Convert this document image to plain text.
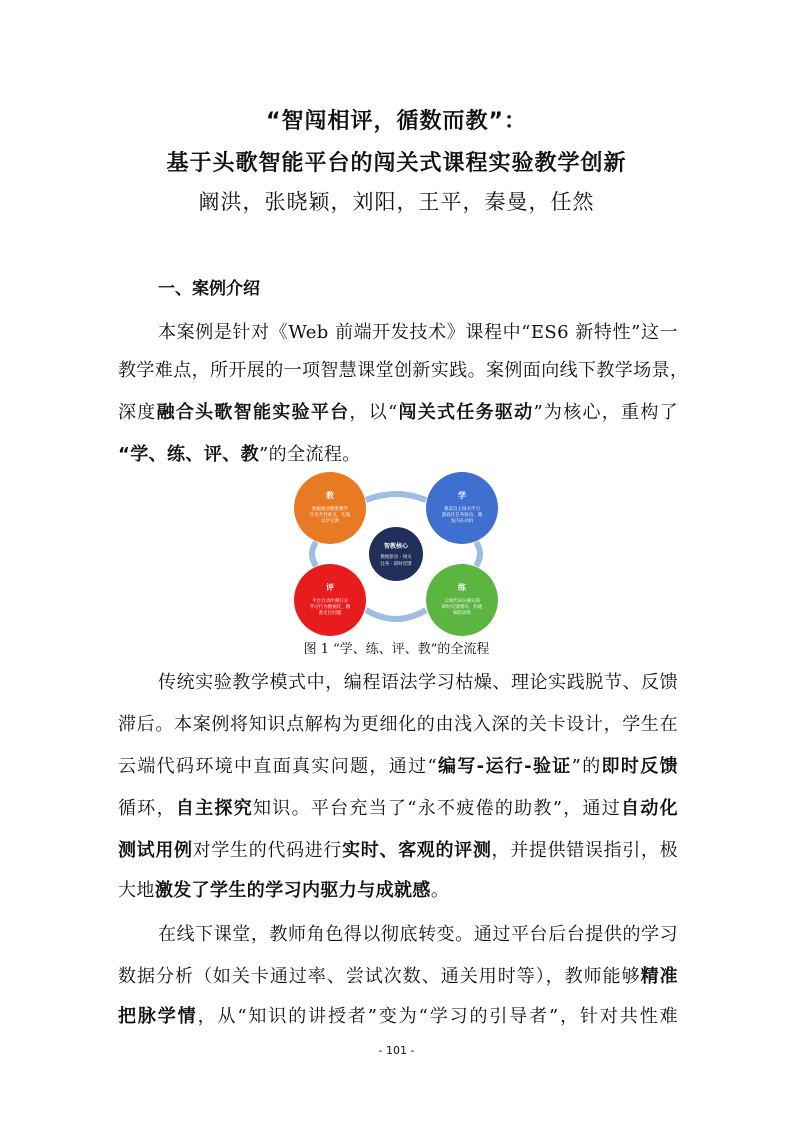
“智闯相评，循数而教”：
基于头歌智能平台的闯关式课程实验教学创新
阚洪，张晓颖，刘阳，王平，秦曼，任然
一、案例介绍
本案例是针对《Web 前端开发技术》课程中“ES6 新特性”这一
教学难点，所开展的一项智慧课堂创新实践。案例面向线下教学场景，
深度融合头歌智能实验平台，以“闯关式任务驱动”为核心，重构了
“学、练、评、教”的全流程。
教
数据驱动精准教学
针对共性难点，实施
以学定教
学
课前自主闯关学习
游戏化任务驱动，激
发内在动机
评
平台自动评测打分
学习行为数据化，精
准定位问题
练
云端代码实操实践
即时反馈循环，构建
编程思维
智教核心
数据驱动 · 闯关
任务 · 即时反馈
图 1 “学、练、评、教”的全流程
传统实验教学模式中，编程语法学习枯燥、理论实践脱节、反馈
滞后。本案例将知识点解构为更细化的由浅入深的关卡设计，学生在
云端代码环境中直面真实问题，通过“编写-运行-验证”的即时反馈
循环，自主探究知识。平台充当了“永不疲倦的助教”，通过自动化
测试用例对学生的代码进行实时、客观的评测，并提供错误指引，极
大地激发了学生的学习内驱力与成就感。
在线下课堂，教师角色得以彻底转变。通过平台后台提供的学习
数据分析（如关卡通过率、尝试次数、通关用时等），教师能够精准
把脉学情，从“知识的讲授者”变为“学习的引导者”，针对共性难
- 101 -
